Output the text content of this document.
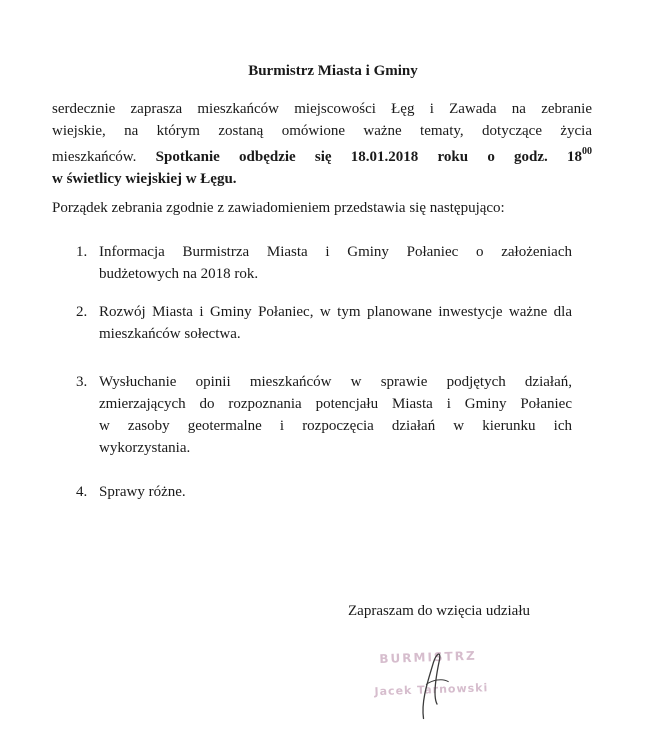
Burmistrz Miasta i Gminy
serdecznie zaprasza mieszkańców miejscowości Łęg i Zawada na zebranie
wiejskie, na którym zostaną omówione ważne tematy, dotyczące życia
mieszkańców. Spotkanie odbędzie się 18.01.2018 roku o godz. $18^{00}$
w świetlicy wiejskiej w Łęgu.
Porządek zebrania zgodnie z zawiadomieniem przedstawia się następująco:
1. Informacja Burmistrza Miasta i Gminy Połaniec o założeniach
budżetowych na 2018 rok.
2. Rozwój Miasta i Gminy Połaniec, w tym planowane inwestycje ważne dla
mieszkańców sołectwa.
3. Wysłuchanie opinii mieszkańców w sprawie podjętych działań,
zmierzających do rozpoznania potencjału Miasta i Gminy Połaniec
w zasoby geotermalne i rozpoczęcia działań w kierunku ich
wykorzystania.
4. Sprawy różne.
Zapraszam do wzięcia udziału
BURMISTRZ
Jacek Tarnowski
